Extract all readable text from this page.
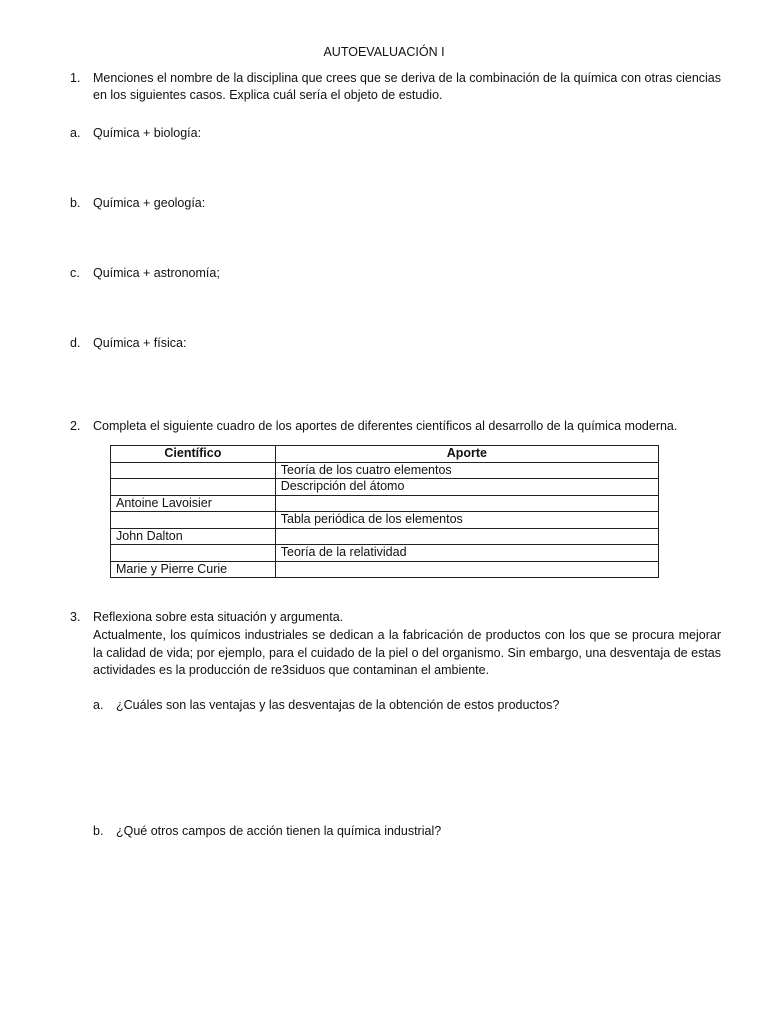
AUTOEVALUACIÓN I
1. Menciones el nombre de la disciplina que crees que se deriva de la combinación de la química con otras ciencias en los siguientes casos. Explica cuál sería el objeto de estudio.

a. Química + biología:
b. Química + geología:
c. Química + astronomía;
d. Química + física:
2. Completa el siguiente cuadro de los aportes de diferentes científicos al desarrollo de la química moderna.

Científico	Aporte
	Teoría de los cuatro elementos
	Descripción del átomo
Antoine Lavoisier	
	Tabla periódica de los elementos
John Dalton	
	Teoría de la relatividad
Marie y Pierre Curie	
3. Reflexiona sobre esta situación y argumenta.

Actualmente, los químicos industriales se dedican a la fabricación de productos con los que se procura mejorar la calidad de vida; por ejemplo, para el cuidado de la piel o del organismo. Sin embargo, una desventaja de estas actividades es la producción de re3siduos que contaminan el ambiente.

a. ¿Cuáles son las ventajas y las desventajas de la obtención de estos productos?
b. ¿Qué otros campos de acción tienen la química industrial?
